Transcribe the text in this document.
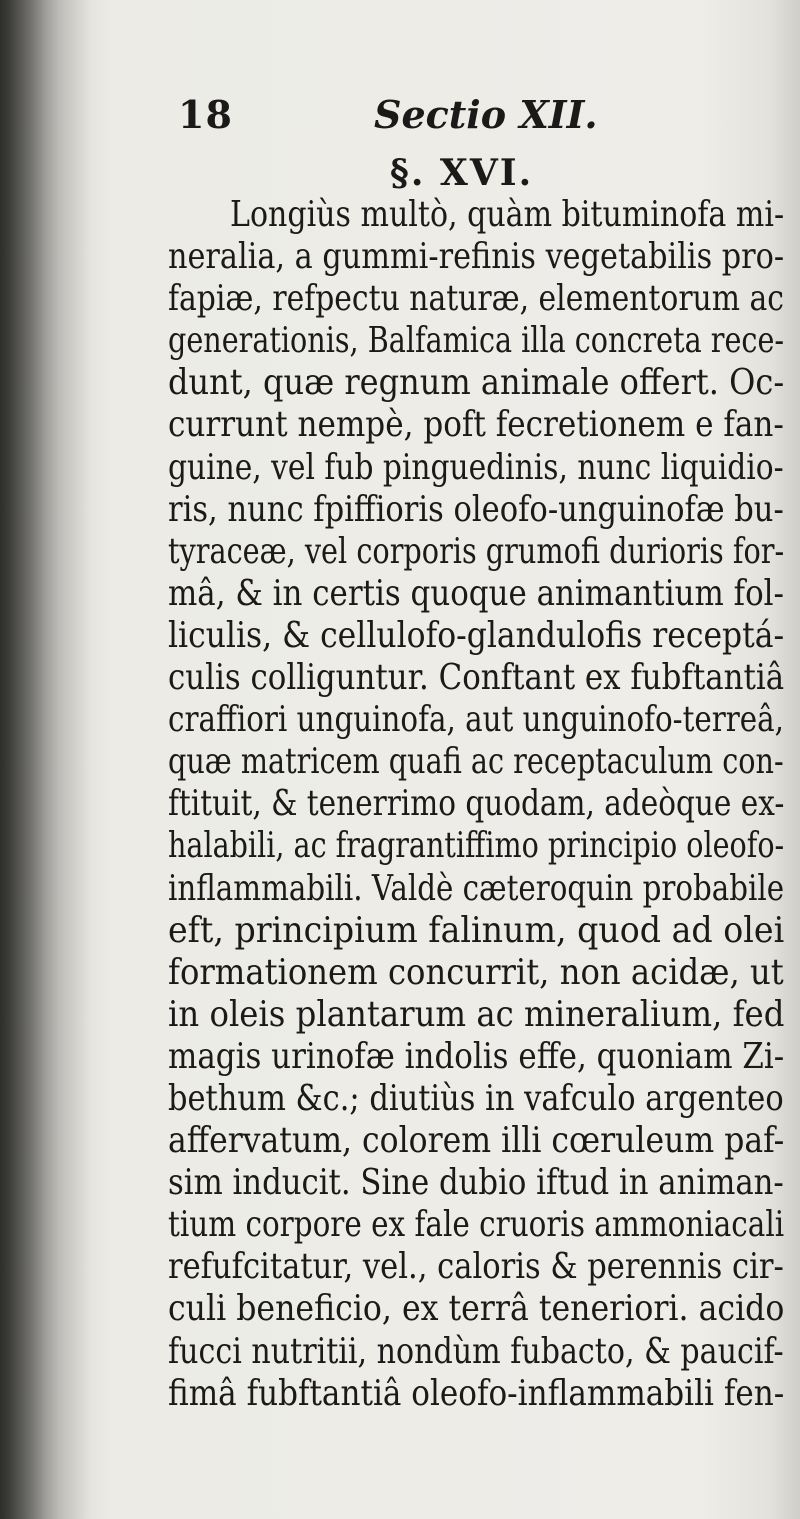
18	Sectio XII.
§. XVI.
Longiùs multò, quàm bituminofa mi-
neralia, a gummi-refinis vegetabilis pro-
fapiæ, refpectu naturæ, elementorum ac
generationis, Balfamica illa concreta rece-
dunt, quæ regnum animale offert. Oc-
currunt nempè, poft fecretionem e fan-
guine, vel fub pinguedinis, nunc liquidio-
ris, nunc fpiffioris oleofo-unguinofæ bu-
tyraceæ, vel corporis grumofi durioris for-
mâ, & in certis quoque animantium fol-
liculis, & cellulofo-glandulofis receptá-
culis colliguntur. Conftant ex fubftantiâ
craffiori unguinofa, aut unguinofo-terreâ,
quæ matricem quafi ac receptaculum con-
ftituit, & tenerrimo quodam, adeòque ex-
halabili, ac fragrantiffimo principio oleofo-
inflammabili. Valdè cæteroquin probabile
eft, principium falinum, quod ad olei
formationem concurrit, non acidæ, ut
in oleis plantarum ac mineralium, fed
magis urinofæ indolis effe, quoniam Zi-
bethum &c.; diutiùs in vafculo argenteo
affervatum, colorem illi cœruleum paf-
sim inducit. Sine dubio iftud in animan-
tium corpore ex fale cruoris ammoniacali
refufcitatur, vel., caloris & perennis cir-
culi beneficio, ex terrâ teneriori. acido
fucci nutritii, nondùm fubacto, & paucif-
fimâ fubftantiâ oleofo-inflammabili fen-
